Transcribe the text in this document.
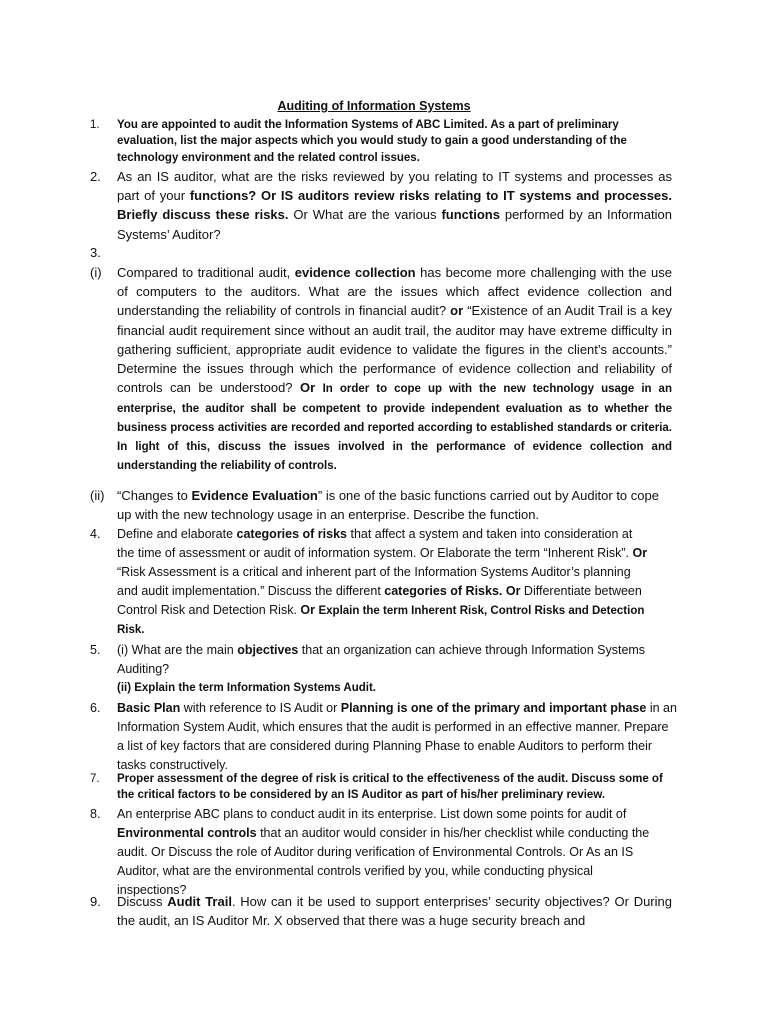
Auditing of Information Systems
1.	You are appointed to audit the Information Systems of ABC Limited. As a part of preliminary evaluation, list the major aspects which you would study to gain a good understanding of the technology environment and the related control issues.
2.	As an IS auditor, what are the risks reviewed by you relating to IT systems and processes as part of your functions? Or IS auditors review risks relating to IT systems and processes. Briefly discuss these risks. Or What are the various functions performed by an Information Systems’ Auditor?
3.
(i)	Compared to traditional audit, evidence collection has become more challenging with the use of computers to the auditors. What are the issues which affect evidence collection and understanding the reliability of controls in financial audit? or “Existence of an Audit Trail is a key financial audit requirement since without an audit trail, the auditor may have extreme difficulty in gathering sufficient, appropriate audit evidence to validate the figures in the client’s accounts.” Determine the issues through which the performance of evidence collection and reliability of controls can be understood? Or In order to cope up with the new technology usage in an enterprise, the auditor shall be competent to provide independent evaluation as to whether the business process activities are recorded and reported according to established standards or criteria. In light of this, discuss the issues involved in the performance of evidence collection and understanding the reliability of controls.
(ii) “Changes to Evidence Evaluation” is one of the basic functions carried out by Auditor to cope up with the new technology usage in an enterprise. Describe the function.
4.	Define and elaborate categories of risks that affect a system and taken into consideration at the time of assessment or audit of information system. Or Elaborate the term “Inherent Risk”. Or “Risk Assessment is a critical and inherent part of the Information Systems Auditor’s planning and audit implementation.” Discuss the different categories of Risks. Or Differentiate between Control Risk and Detection Risk. Or Explain the term Inherent Risk, Control Risks and Detection Risk.
5.	(i) What are the main objectives that an organization can achieve through Information Systems Auditing?
(ii) Explain the term Information Systems Audit.
6.	Basic Plan with reference to IS Audit or Planning is one of the primary and important phase in an Information System Audit, which ensures that the audit is performed in an effective manner. Prepare a list of key factors that are considered during Planning Phase to enable Auditors to perform their tasks constructively.
7.	Proper assessment of the degree of risk is critical to the effectiveness of the audit. Discuss some of the critical factors to be considered by an IS Auditor as part of his/her preliminary review.
8.	An enterprise ABC plans to conduct audit in its enterprise. List down some points for audit of Environmental controls that an auditor would consider in his/her checklist while conducting the audit. Or Discuss the role of Auditor during verification of Environmental Controls. Or As an IS Auditor, what are the environmental controls verified by you, while conducting physical inspections?
9.	Discuss Audit Trail. How can it be used to support enterprises’ security objectives? Or During the audit, an IS Auditor Mr. X observed that there was a huge security breach and
